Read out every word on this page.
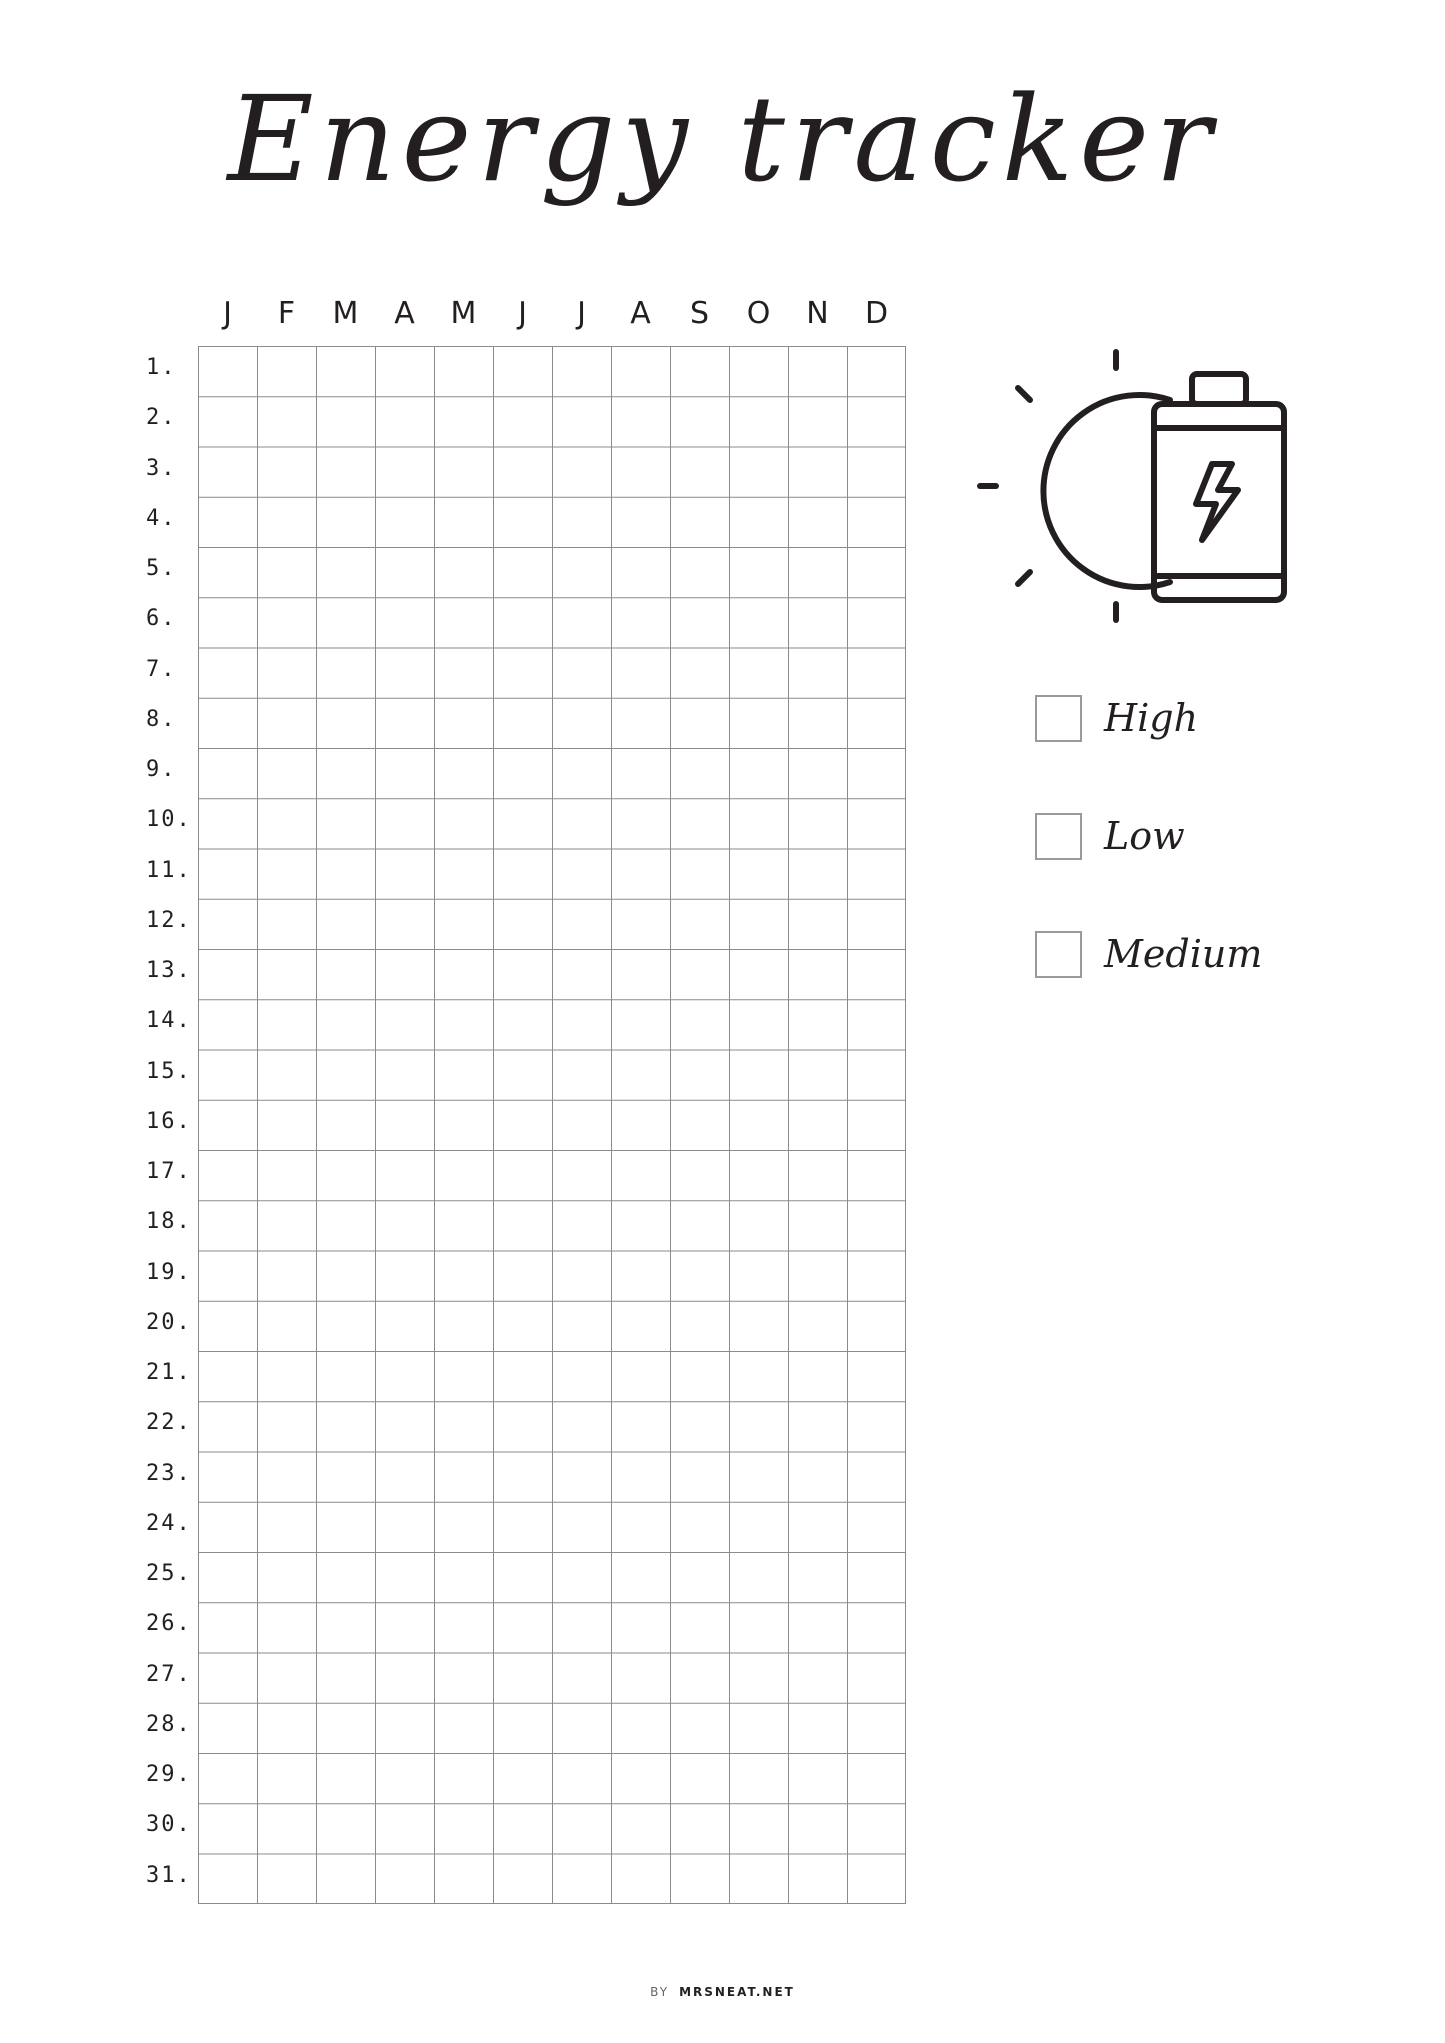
Energy tracker
J	F	M	A	M	J	J	A	S	O	N	D
1.
2.
3.
4.
5.
6.
7.
8.
9.
10.
11.
12.
13.
14.
15.
16.
17.
18.
19.
20.
21.
22.
23.
24.
25.
26.
27.
28.
29.
30.
31.
High
Low
Medium
BY MRSNEAT.NET
